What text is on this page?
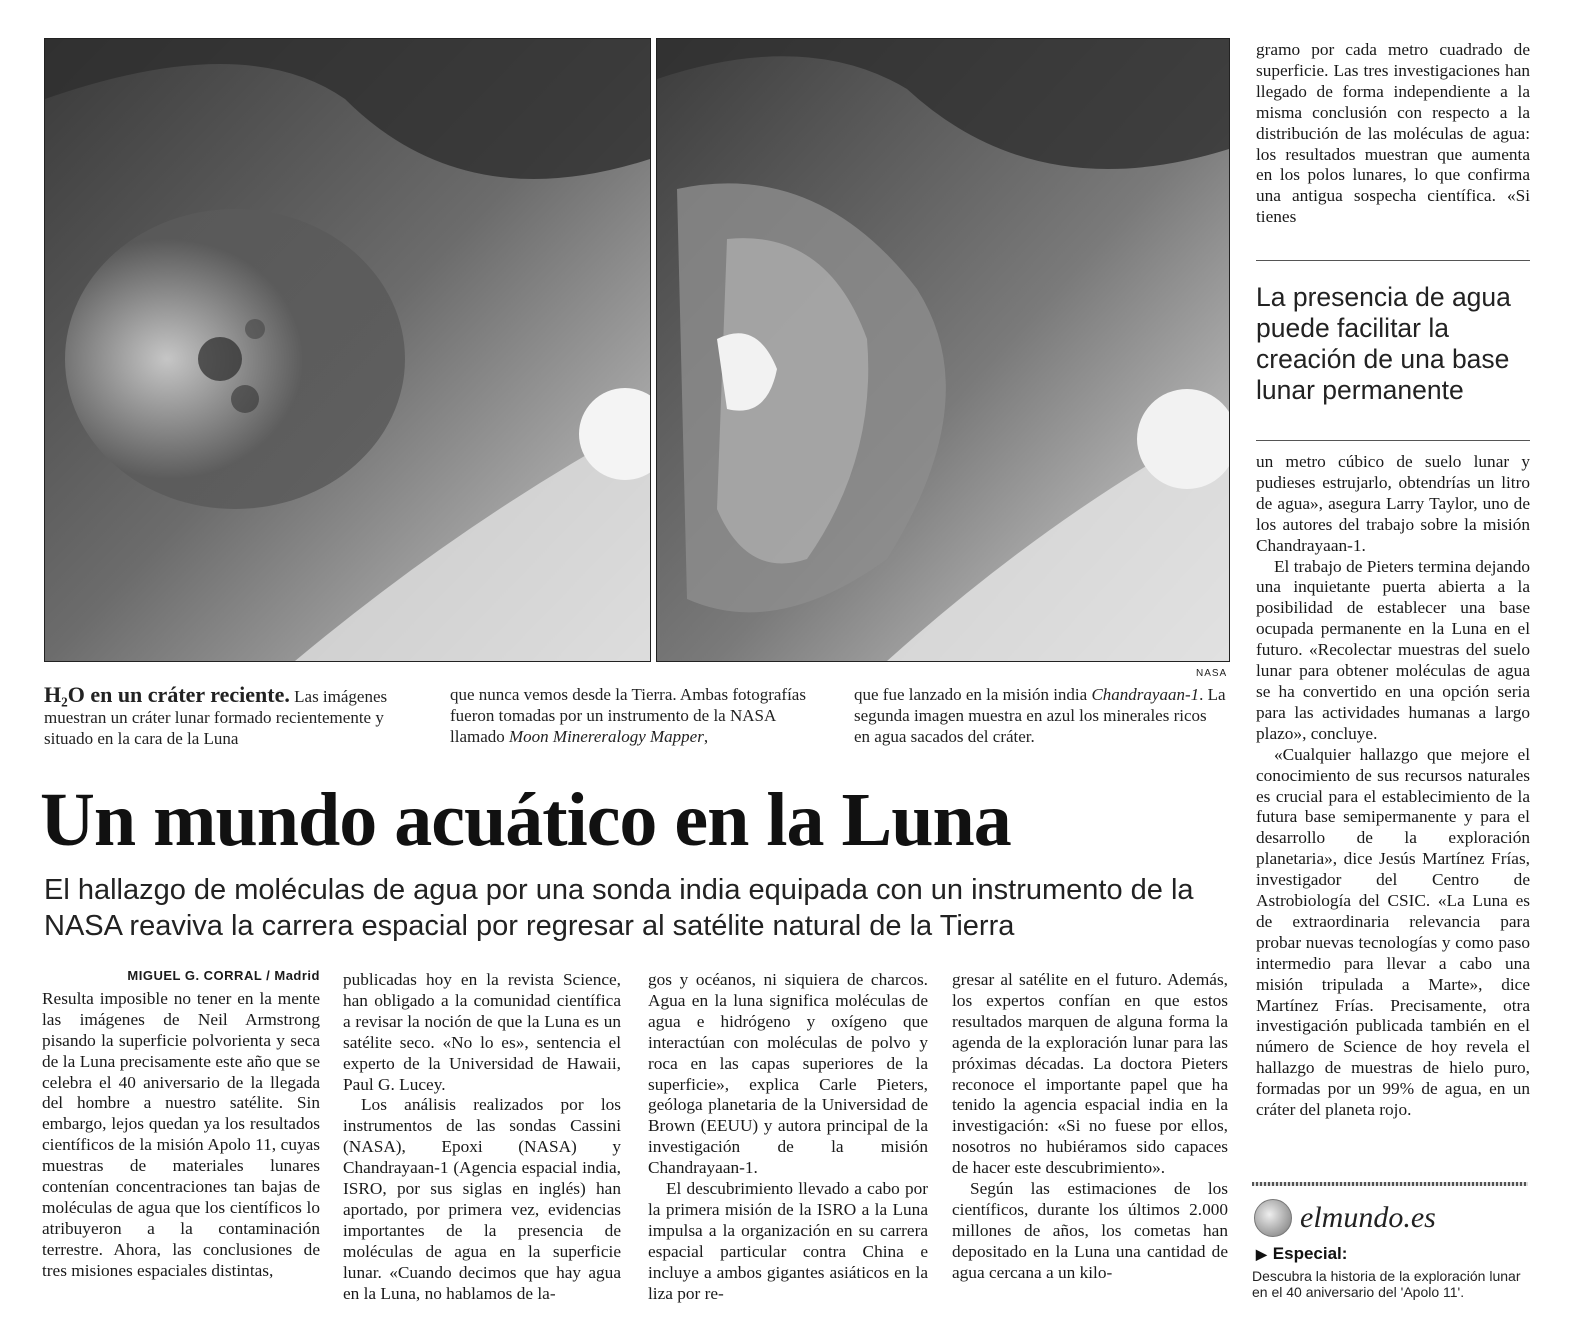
NASA
H₂O en un cráter reciente. Las imágenes muestran un cráter lunar formado recientemente y situado en la cara de la Luna
que nunca vemos desde la Tierra. Ambas fotografías fueron tomadas por un instrumento de la NASA llamado Moon Minereralogy Mapper,
que fue lanzado en la misión india Chandrayaan-1. La segunda imagen muestra en azul los minerales ricos en agua sacados del cráter.
Un mundo acuático en la Luna
El hallazgo de moléculas de agua por una sonda india equipada con un instrumento de la NASA reaviva la carrera espacial por regresar al satélite natural de la Tierra
MIGUEL G. CORRAL / Madrid

Resulta imposible no tener en la mente las imágenes de Neil Armstrong pisando la superficie polvorienta y seca de la Luna precisamente este año que se celebra el 40 aniversario de la llegada del hombre a nuestro satélite. Sin embargo, lejos quedan ya los resultados científicos de la misión Apolo 11, cuyas muestras de materiales lunares contenían concentraciones tan bajas de moléculas de agua que los científicos lo atribuyeron a la contaminación terrestre. Ahora, las conclusiones de tres misiones espaciales distintas,

publicadas hoy en la revista Science, han obligado a la comunidad científica a revisar la noción de que la Luna es un satélite seco. «No lo es», sentencia el experto de la Universidad de Hawaii, Paul G. Lucey.

Los análisis realizados por los instrumentos de las sondas Cassini (NASA), Epoxi (NASA) y Chandrayaan-1 (Agencia espacial india, ISRO, por sus siglas en inglés) han aportado, por primera vez, evidencias importantes de la presencia de moléculas de agua en la superficie lunar. «Cuando decimos que hay agua en la Luna, no hablamos de la-

gos y océanos, ni siquiera de charcos. Agua en la luna significa moléculas de agua e hidrógeno y oxígeno que interactúan con moléculas de polvo y roca en las capas superiores de la superficie», explica Carle Pieters, geóloga planetaria de la Universidad de Brown (EEUU) y autora principal de la investigación de la misión Chandrayaan-1.

El descubrimiento llevado a cabo por la primera misión de la ISRO a la Luna impulsa a la organización en su carrera espacial particular contra China e incluye a ambos gigantes asiáticos en la liza por re-

gresar al satélite en el futuro. Además, los expertos confían en que estos resultados marquen de alguna forma la agenda de la exploración lunar para las próximas décadas. La doctora Pieters reconoce el importante papel que ha tenido la agencia espacial india en la investigación: «Si no fuese por ellos, nosotros no hubiéramos sido capaces de hacer este descubrimiento».

Según las estimaciones de los científicos, durante los últimos 2.000 millones de años, los cometas han depositado en la Luna una cantidad de agua cercana a un kilo-

gramo por cada metro cuadrado de superficie. Las tres investigaciones han llegado de forma independiente a la misma conclusión con respecto a la distribución de las moléculas de agua: los resultados muestran que aumenta en los polos lunares, lo que confirma una antigua sospecha científica. «Si tienes

La presencia de agua puede facilitar la creación de una base lunar permanente

un metro cúbico de suelo lunar y pudieses estrujarlo, obtendrías un litro de agua», asegura Larry Taylor, uno de los autores del trabajo sobre la misión Chandrayaan-1.

El trabajo de Pieters termina dejando una inquietante puerta abierta a la posibilidad de establecer una base ocupada permanente en la Luna en el futuro. «Recolectar muestras del suelo lunar para obtener moléculas de agua se ha convertido en una opción seria para las actividades humanas a largo plazo», concluye.

«Cualquier hallazgo que mejore el conocimiento de sus recursos naturales es crucial para el establecimiento de la futura base semipermanente y para el desarrollo de la exploración planetaria», dice Jesús Martínez Frías, investigador del Centro de Astrobiología del CSIC. «La Luna es de extraordinaria relevancia para probar nuevas tecnologías y como paso intermedio para llevar a cabo una misión tripulada a Marte», dice Martínez Frías. Precisamente, otra investigación publicada también en el número de Science de hoy revela el hallazgo de muestras de hielo puro, formadas por un 99% de agua, en un cráter del planeta rojo.

elmundo.es
▶ Especial:
Descubra la historia de la exploración lunar en el 40 aniversario del 'Apolo 11'.
